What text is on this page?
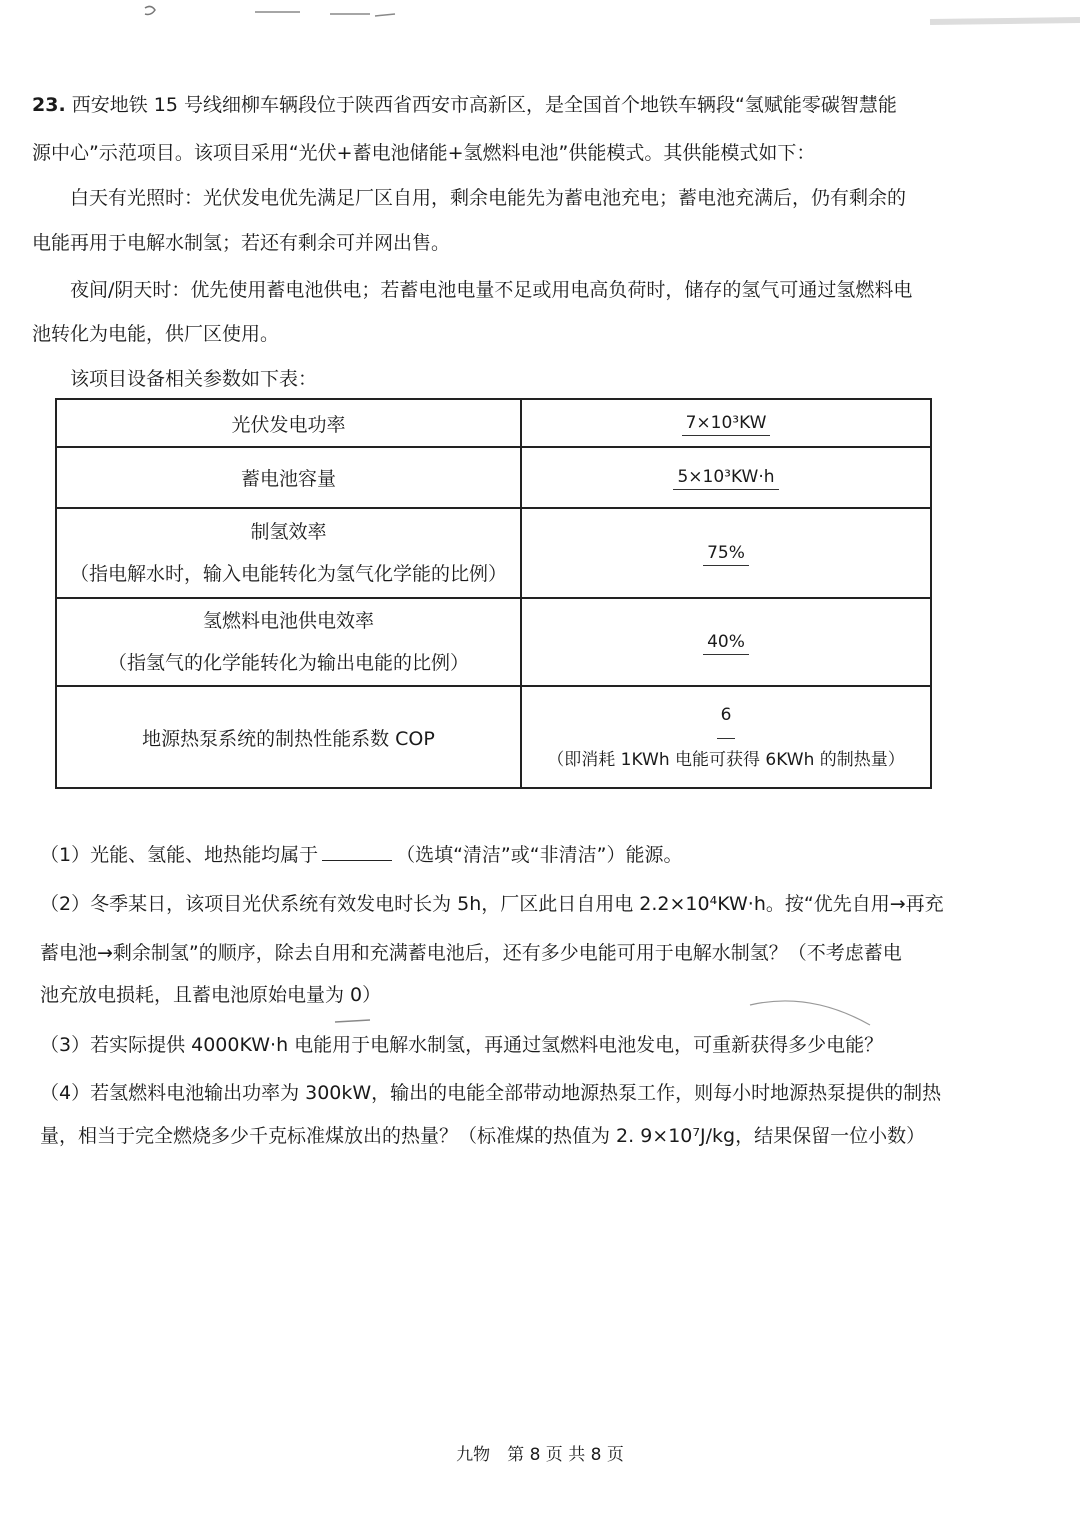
23. 西安地铁 15 号线细柳车辆段位于陕西省西安市高新区，是全国首个地铁车辆段“氢赋能零碳智慧能
源中心”示范项目。该项目采用“光伏+蓄电池储能+氢燃料电池”供能模式。其供能模式如下：
白天有光照时：光伏发电优先满足厂区自用，剩余电能先为蓄电池充电；蓄电池充满后，仍有剩余的
电能再用于电解水制氢；若还有剩余可并网出售。
夜间/阴天时：优先使用蓄电池供电；若蓄电池电量不足或用电高负荷时，储存的氢气可通过氢燃料电
池转化为电能，供厂区使用。
该项目设备相关参数如下表：
光伏发电功率	7×10³KW
蓄电池容量	5×10³KW·h

制氢效率
（指电解水时，输入电能转化为氢气化学能的比例）	75%

氢燃料电池供电效率
（指氢气的化学能转化为输出电能的比例）	40%
地源热泵系统的制热性能系数 COP	6
（即消耗 1KWh 电能可获得 6KWh 的制热量）
（1）光能、氢能、地热能均属于	（选填“清洁”或“非清洁”）能源。
（2）冬季某日，该项目光伏系统有效发电时长为 5h，厂区此日自用电 2.2×10⁴KW·h。按“优先自用→再充
蓄电池→剩余制氢”的顺序，除去自用和充满蓄电池后，还有多少电能可用于电解水制氢？（不考虑蓄电
池充放电损耗，且蓄电池原始电量为 0）
（3）若实际提供 4000KW·h 电能用于电解水制氢，再通过氢燃料电池发电，可重新获得多少电能？
（4）若氢燃料电池输出功率为 300kW，输出的电能全部带动地源热泵工作，则每小时地源热泵提供的制热
量，相当于完全燃烧多少千克标准煤放出的热量？（标准煤的热值为 2. 9×10⁷J/kg，结果保留一位小数）
九物　第 8 页 共 8 页
